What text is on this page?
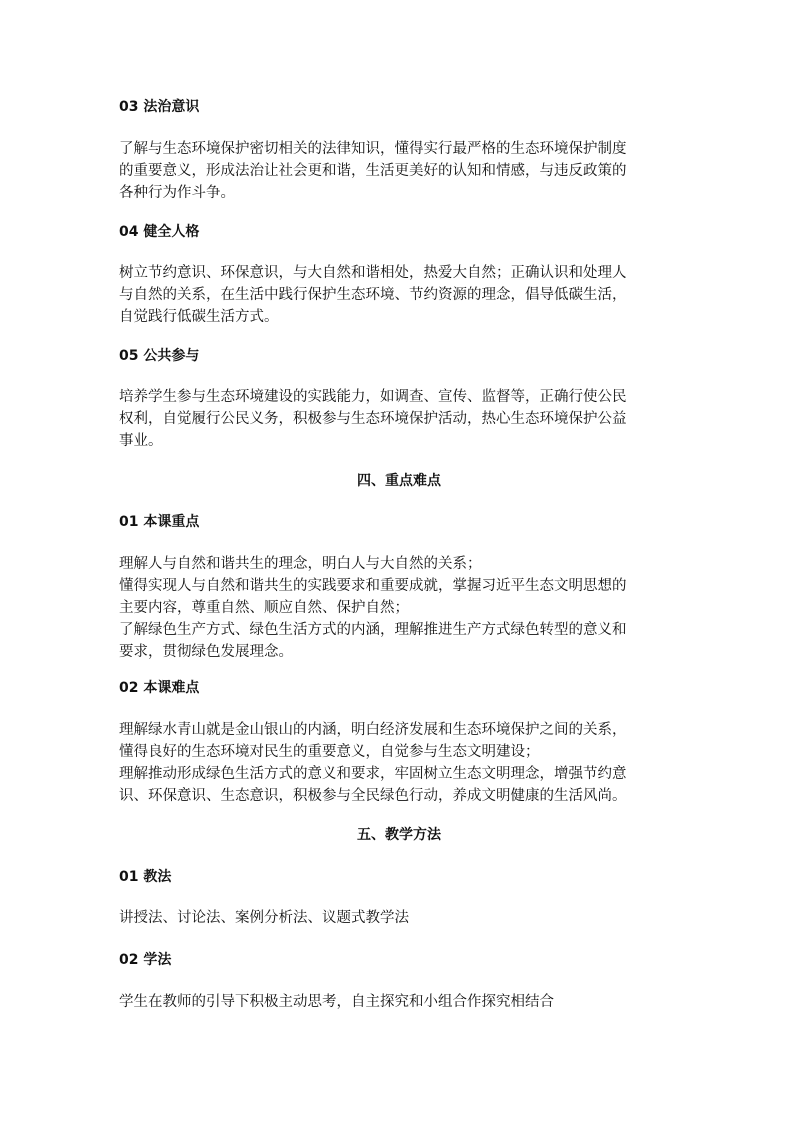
03 法治意识

了解与生态环境保护密切相关的法律知识，懂得实行最严格的生态环境保护制度
的重要意义，形成法治让社会更和谐，生活更美好的认知和情感，与违反政策的
各种行为作斗争。

04 健全人格

树立节约意识、环保意识，与大自然和谐相处，热爱大自然；正确认识和处理人
与自然的关系，在生活中践行保护生态环境、节约资源的理念，倡导低碳生活，
自觉践行低碳生活方式。

05 公共参与

培养学生参与生态环境建设的实践能力，如调查、宣传、监督等，正确行使公民
权利，自觉履行公民义务，积极参与生态环境保护活动，热心生态环境保护公益
事业。

四、重点难点

01 本课重点

理解人与自然和谐共生的理念，明白人与大自然的关系；
懂得实现人与自然和谐共生的实践要求和重要成就，掌握习近平生态文明思想的
主要内容，尊重自然、顺应自然、保护自然；
了解绿色生产方式、绿色生活方式的内涵，理解推进生产方式绿色转型的意义和
要求，贯彻绿色发展理念。

02 本课难点

理解绿水青山就是金山银山的内涵，明白经济发展和生态环境保护之间的关系，
懂得良好的生态环境对民生的重要意义，自觉参与生态文明建设；
理解推动形成绿色生活方式的意义和要求，牢固树立生态文明理念，增强节约意
识、环保意识、生态意识，积极参与全民绿色行动，养成文明健康的生活风尚。

五、教学方法

01 教法

讲授法、讨论法、案例分析法、议题式教学法

02 学法

学生在教师的引导下积极主动思考，自主探究和小组合作探究相结合
